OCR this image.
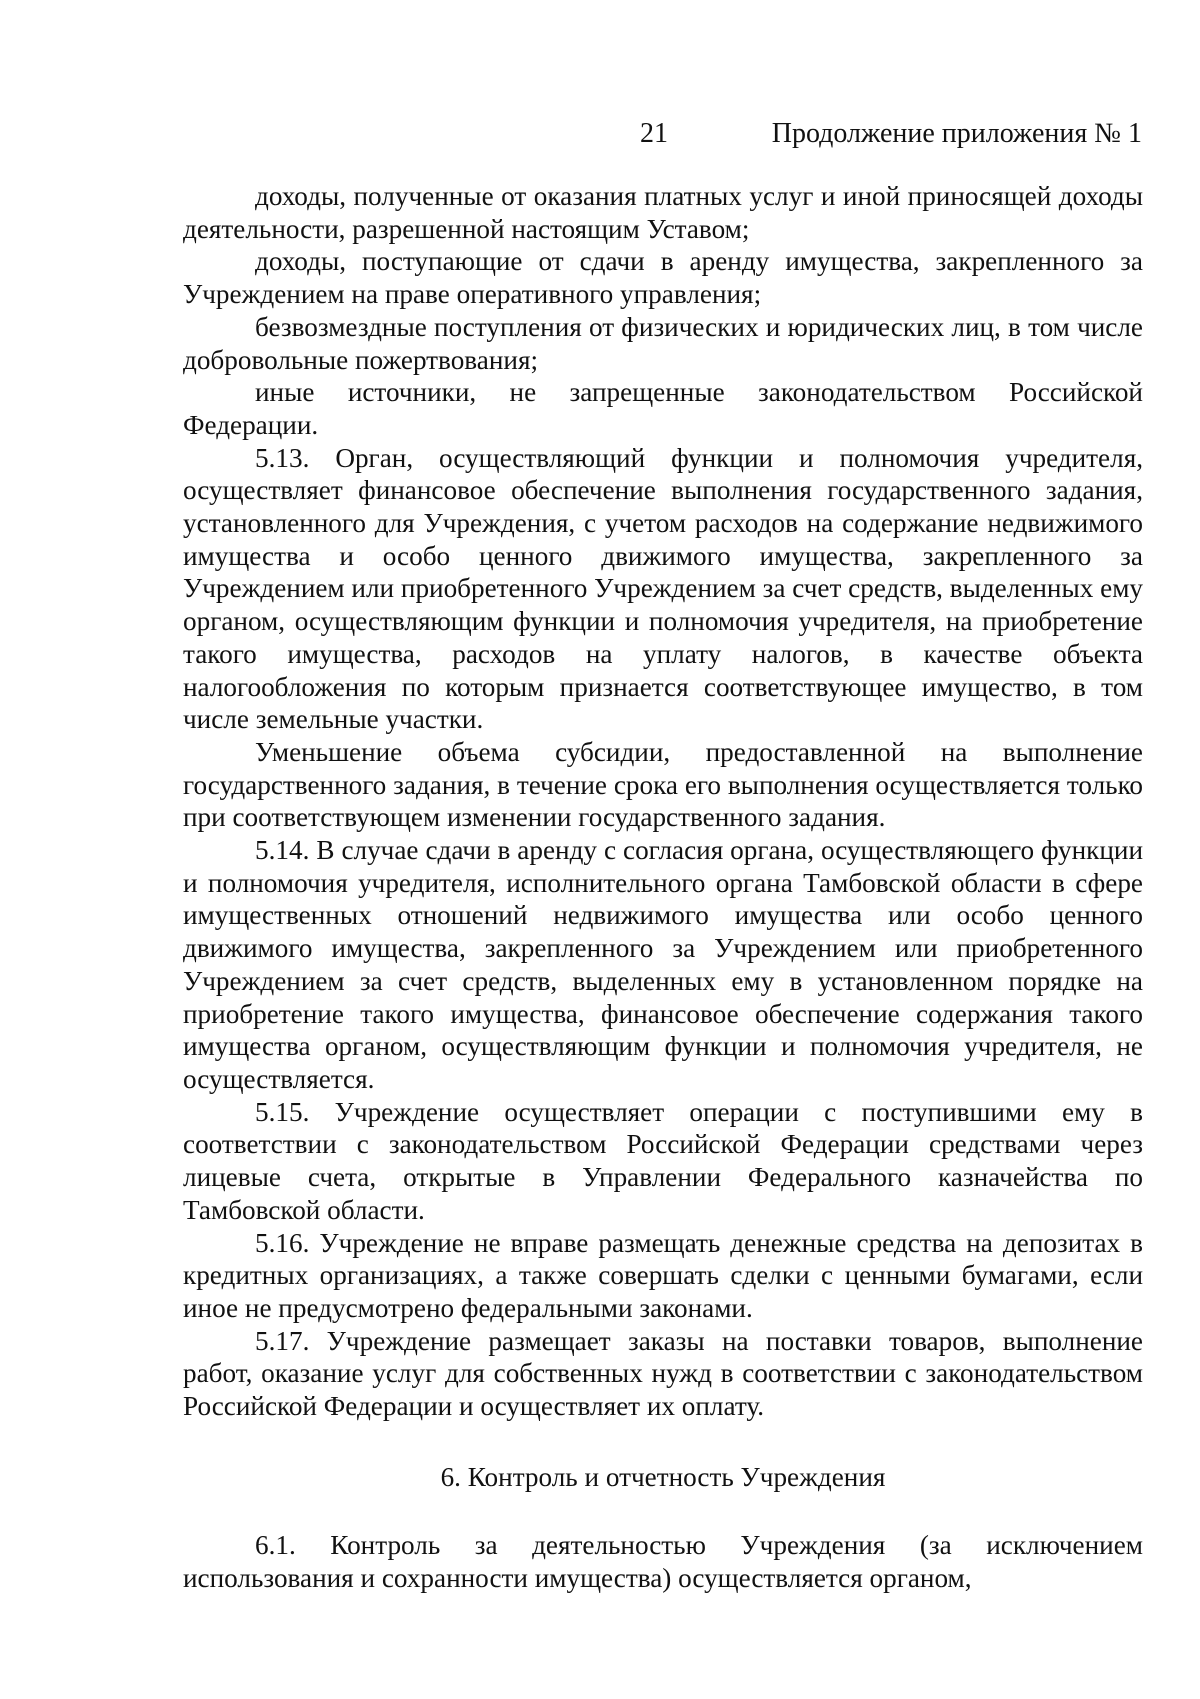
21	Продолжение приложения № 1

доходы, полученные от оказания платных услуг и иной приносящей доходы деятельности, разрешенной настоящим Уставом;

доходы, поступающие от сдачи в аренду имущества, закрепленного за Учреждением на праве оперативного управления;

безвозмездные поступления от физических и юридических лиц, в том числе добровольные пожертвования;

иные источники, не запрещенные законодательством Российской Федерации.

5.13. Орган, осуществляющий функции и полномочия учредителя, осуществляет финансовое обеспечение выполнения государственного задания, установленного для Учреждения, с учетом расходов на содержание недвижимого имущества и особо ценного движимого имущества, закрепленного за Учреждением или приобретенного Учреждением за счет средств, выделенных ему органом, осуществляющим функции и полномочия учредителя, на приобретение такого имущества, расходов на уплату налогов, в качестве объекта налогообложения по которым признается соответствующее имущество, в том числе земельные участки.

Уменьшение объема субсидии, предоставленной на выполнение государственного задания, в течение срока его выполнения осуществляется только при соответствующем изменении государственного задания.

5.14. В случае сдачи в аренду с согласия органа, осуществляющего функции и полномочия учредителя, исполнительного органа Тамбовской области в сфере имущественных отношений недвижимого имущества или особо ценного движимого имущества, закрепленного за Учреждением или приобретенного Учреждением за счет средств, выделенных ему в установленном порядке на приобретение такого имущества, финансовое обеспечение содержания такого имущества органом, осуществляющим функции и полномочия учредителя, не осуществляется.

5.15. Учреждение осуществляет операции с поступившими ему в соответствии с законодательством Российской Федерации средствами через лицевые счета, открытые в Управлении Федерального казначейства по Тамбовской области.

5.16. Учреждение не вправе размещать денежные средства на депозитах в кредитных организациях, а также совершать сделки с ценными бумагами, если иное не предусмотрено федеральными законами.

5.17. Учреждение размещает заказы на поставки товаров, выполнение работ, оказание услуг для собственных нужд в соответствии с законодательством Российской Федерации и осуществляет их оплату.

6. Контроль и отчетность Учреждения

6.1. Контроль за деятельностью Учреждения (за исключением использования и сохранности имущества) осуществляется органом,
